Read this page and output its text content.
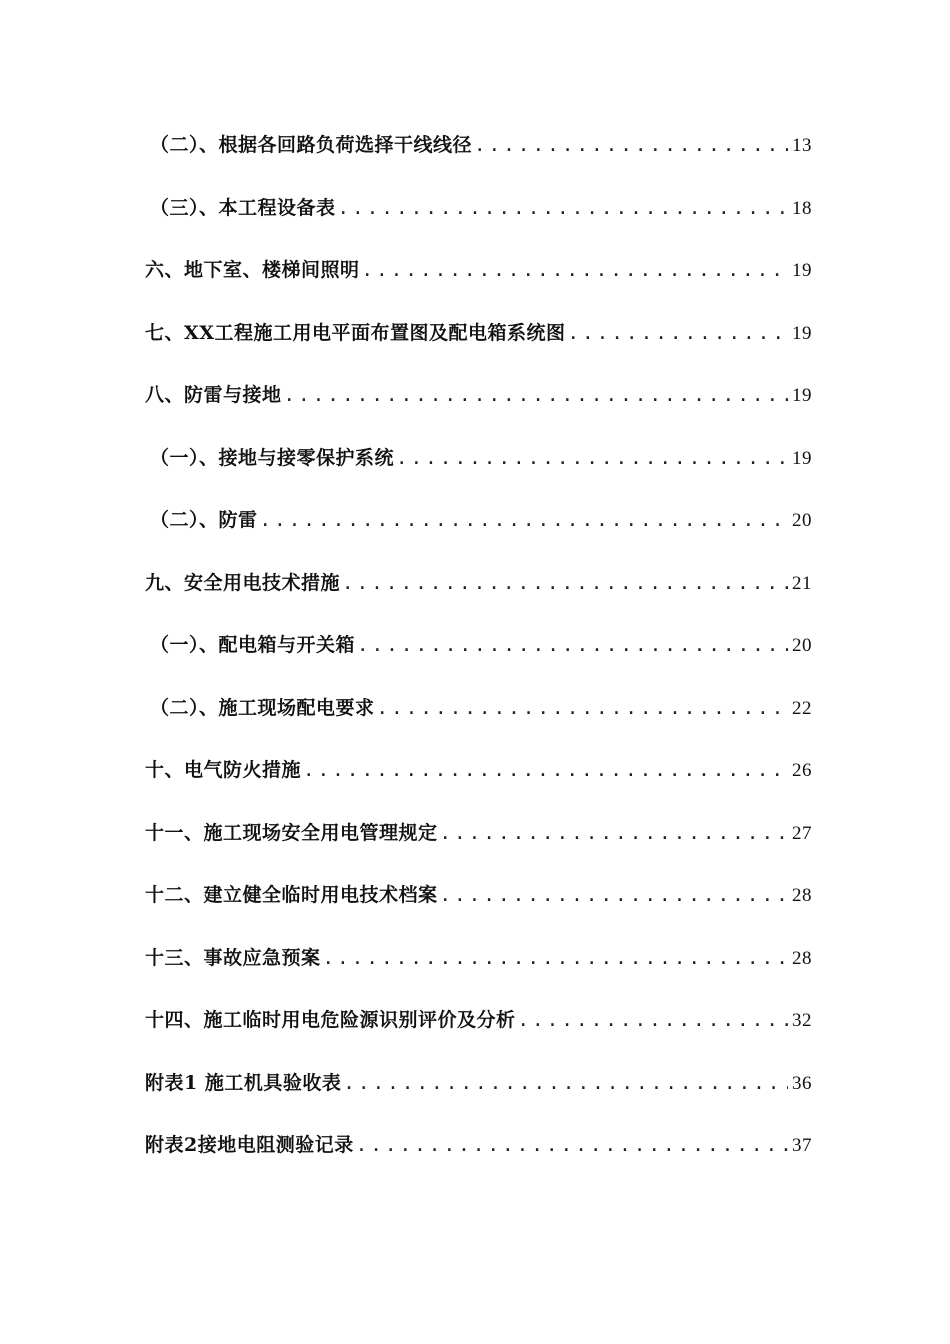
（二）、根据各回路负荷选择干线线径 .....	13
（三）、本工程设备表 .....	18
六、地下室、楼梯间照明 .....	19
七、XX工程施工用电平面布置图及配电箱系统图 .....	19
八、防雷与接地 .....	19
（一）、接地与接零保护系统 .....	19
（二）、防雷 .....	20
九、安全用电技术措施 .....	21
（一）、配电箱与开关箱 .....	20
（二）、施工现场配电要求 .....	22
十、电气防火措施 .....	26
十一、施工现场安全用电管理规定 .....	27
十二、建立健全临时用电技术档案 .....	28
十三、事故应急预案 .....	28
十四、施工临时用电危险源识别评价及分析 .....	32
附表1 施工机具验收表 .....	36
附表2接地电阻测验记录 .....	37
